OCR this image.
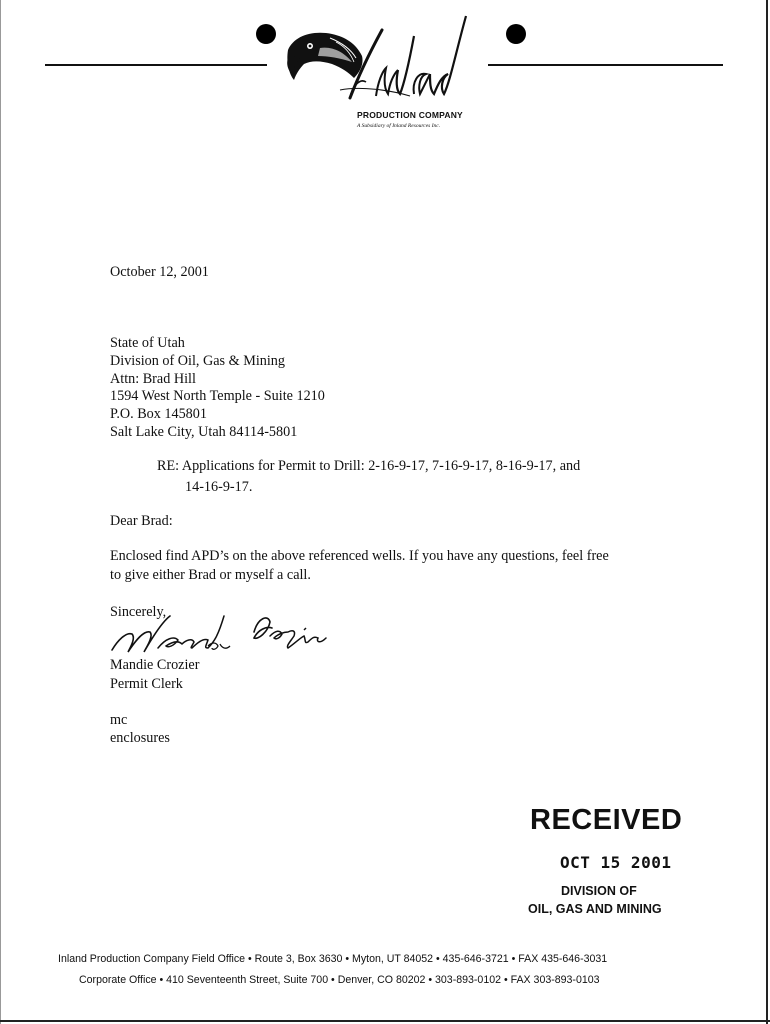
PRODUCTION COMPANY
A Subsidiary of Inland Resources Inc.
October 12, 2001
State of Utah
Division of Oil, Gas & Mining
Attn: Brad Hill
1594 West North Temple - Suite 1210
P.O. Box 145801
Salt Lake City, Utah 84114-5801
RE: Applications for Permit to Drill: 2-16-9-17, 7-16-9-17, 8-16-9-17, and
14-16-9-17.
Dear Brad:
Enclosed find APD’s on the above referenced wells. If you have any questions, feel free
to give either Brad or myself a call.
Sincerely,
Mandie Crozier
Permit Clerk
mc
enclosures
RECEIVED
OCT 15 2001
DIVISION OF
OIL, GAS AND MINING
Inland Production Company Field Office • Route 3, Box 3630 • Myton, UT 84052 • 435-646-3721 • FAX 435-646-3031
Corporate Office • 410 Seventeenth Street, Suite 700 • Denver, CO 80202 • 303-893-0102 • FAX 303-893-0103
